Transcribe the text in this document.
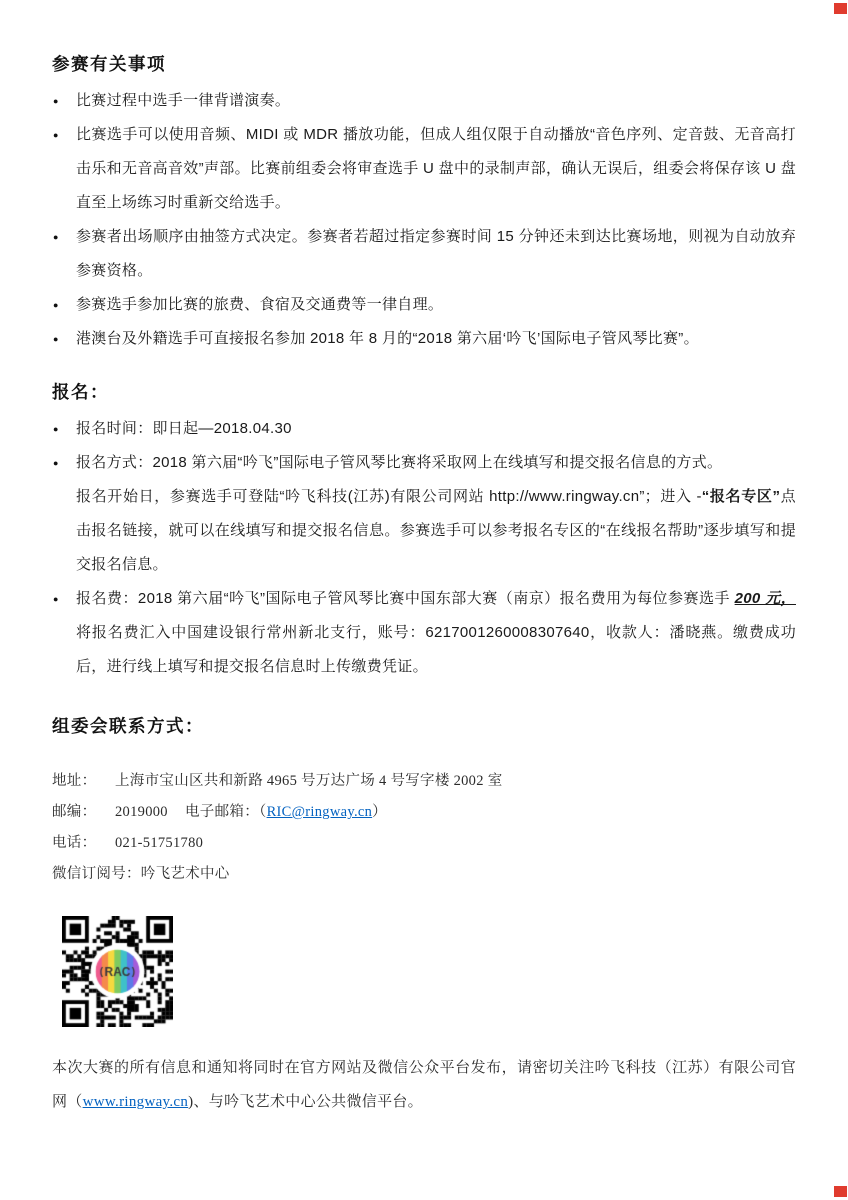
参赛有关事项
● 比赛过程中选手一律背谱演奏。
● 比赛选手可以使用音频、MIDI 或 MDR 播放功能，但成人组仅限于自动播放“音色序列、定音鼓、无音高打击乐和无音高音效”声部。比赛前组委会将审查选手 U 盘中的录制声部，确认无误后，组委会将保存该 U 盘直至上场练习时重新交给选手。
● 参赛者出场顺序由抽签方式决定。参赛者若超过指定参赛时间 15 分钟还未到达比赛场地，则视为自动放弃参赛资格。
● 参赛选手参加比赛的旅费、食宿及交通费等一律自理。
● 港澳台及外籍选手可直接报名参加 2018 年 8 月的“2018 第六届‘吟飞’国际电子管风琴比赛”。
报名：
● 报名时间：即日起—2018.04.30
● 报名方式：2018 第六届“吟飞”国际电子管风琴比赛将采取网上在线填写和提交报名信息的方式。

报名开始日，参赛选手可登陆“吟飞科技(江苏)有限公司网站 http://www.ringway.cn”；进入 -“报名专区”点击报名链接，就可以在线填写和提交报名信息。参赛选手可以参考报名专区的“在线报名帮助”逐步填写和提交报名信息。

● 报名费：2018 第六届“吟飞”国际电子管风琴比赛中国东部大赛（南京）报名费用为每位参赛选手 200 元，将报名费汇入中国建设银行常州新北支行，账号：6217001260008307640，收款人：潘晓燕。缴费成功后，进行线上填写和提交报名信息时上传缴费凭证。
组委会联系方式：
地址： 上海市宝山区共和新路 4965 号万达广场 4 号写字楼 2002 室
邮编： 2019000 电子邮箱：（RIC@ringway.cn）
电话： 021-51751780
微信订阅号：吟飞艺术中心
本次大赛的所有信息和通知将同时在官方网站及微信公众平台发布，请密切关注吟飞科技（江苏）有限公司官网（www.ringway.cn)、与吟飞艺术中心公共微信平台。
